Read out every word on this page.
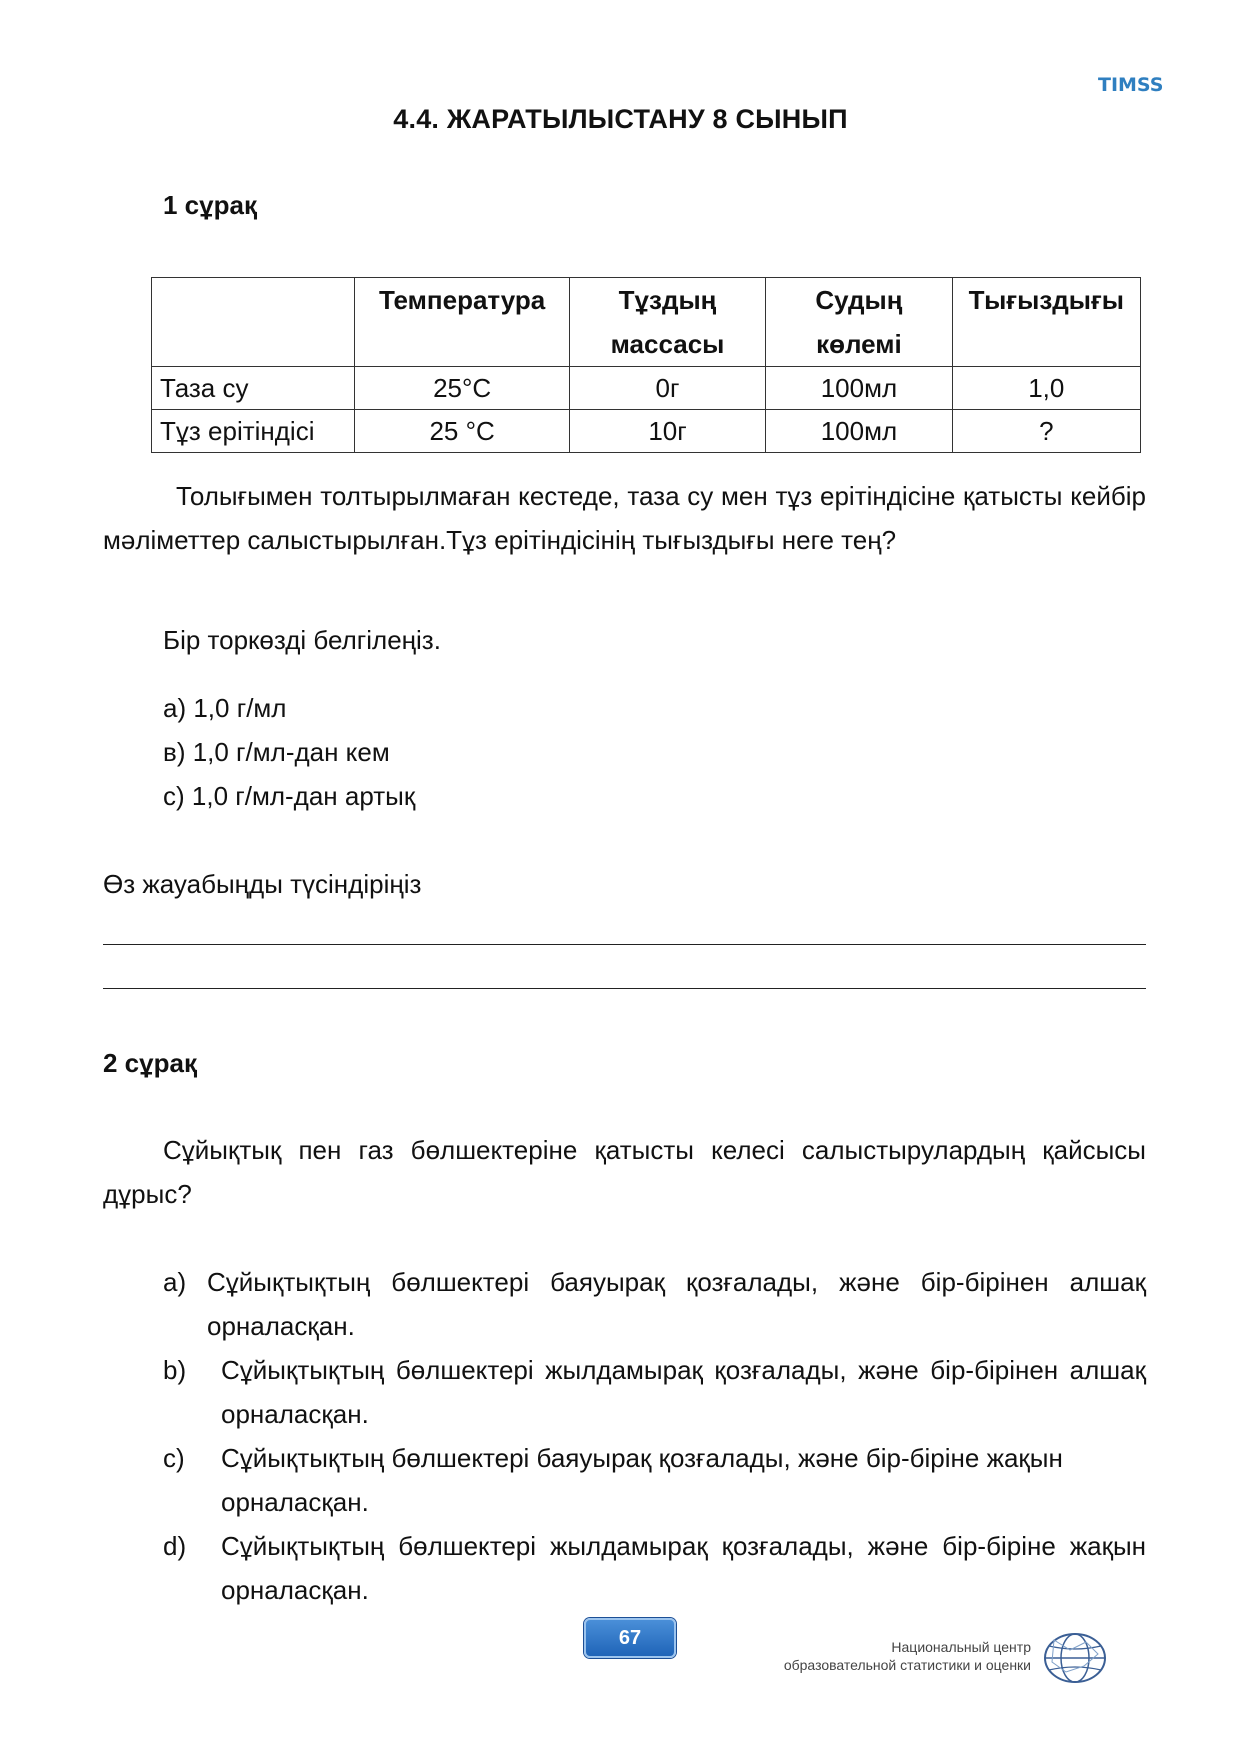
TIMSS
4.4. ЖАРАТЫЛЫСТАНУ 8 СЫНЫП
1 сұрақ
	Температура	Тұздың массасы	Судың көлемі	Тығыздығы
Таза су	25°C	0г	100мл	1,0
Тұз ерітіндісі	25 °C	10г	100мл	?
Толығымен толтырылмаған кестеде, таза су мен тұз ерітіндісіне қатысты кейбір мәліметтер салыстырылған.Тұз ерітіндісінің тығыздығы неге тең?
Бір торкөзді белгілеңіз.
a) 1,0 г/мл
в) 1,0 г/мл-дан кем
c) 1,0 г/мл-дан артық
Өз жауабыңды түсіндіріңіз
2 сұрақ
Сұйықтық пен газ бөлшектеріне қатысты келесі салыстырулардың қайсысы дұрыс?
a) Сұйықтықтың бөлшектері баяуырақ қозғалады, және бір-бірінен алшақ орналасқан.
b)	Сұйықтықтың бөлшектері жылдамырақ қозғалады, және бір-бірінен алшақ орналасқан.
c)	Сұйықтықтың бөлшектері баяуырақ қозғалады, және бір-біріне жақын орналасқан.
d)	Сұйықтықтың бөлшектері жылдамырақ қозғалады, және бір-біріне жақын орналасқан.
67	Национальный центр
образовательной статистики и оценки
